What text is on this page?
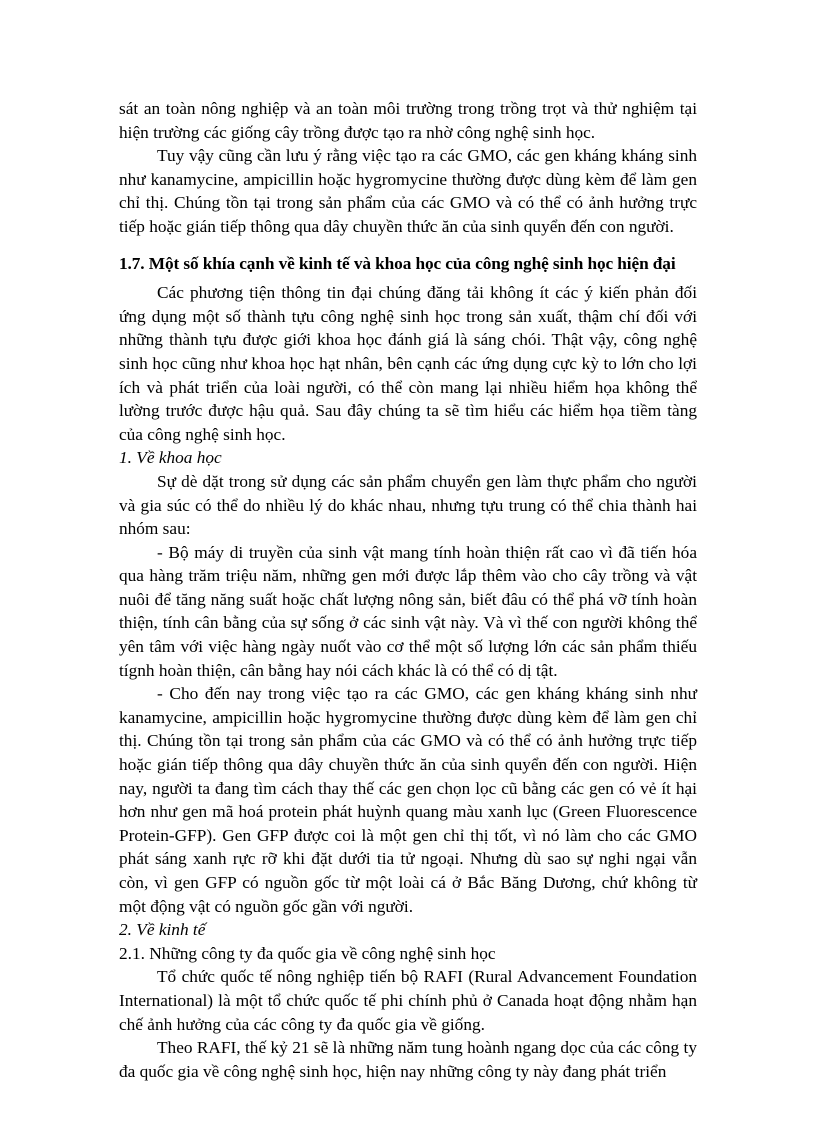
sát an toàn nông nghiệp và an toàn môi trường trong trồng trọt và thử nghiệm tại hiện trường các giống cây trồng được tạo ra nhờ công nghệ sinh học.

Tuy vậy cũng cần lưu ý rằng việc tạo ra các GMO, các gen kháng kháng sinh như kanamycine, ampicillin hoặc hygromycine thường được dùng kèm để làm gen chỉ thị. Chúng tồn tại trong sản phẩm của các GMO và có thể có ảnh hưởng trực tiếp hoặc gián tiếp thông qua dây chuyền thức ăn của sinh quyển đến con người.

1.7. Một số khía cạnh về kinh tế và khoa học của công nghệ sinh học hiện đại

Các phương tiện thông tin đại chúng đăng tải không ít các ý kiến phản đối ứng dụng một số thành tựu công nghệ sinh học trong sản xuất, thậm chí đối với những thành tựu được giới khoa học đánh giá là sáng chói. Thật vậy, công nghệ sinh học cũng như khoa học hạt nhân, bên cạnh các ứng dụng cực kỳ to lớn cho lợi ích và phát triển của loài người, có thể còn mang lại nhiều hiểm họa không thể lường trước được hậu quả. Sau đây chúng ta sẽ tìm hiểu các hiểm họa tiềm tàng của công nghệ sinh học.

1. Về khoa học

Sự dè dặt trong sử dụng các sản phẩm chuyển gen làm thực phẩm cho người và gia súc có thể do nhiều lý do khác nhau, nhưng tựu trung có thể chia thành hai nhóm sau:

- Bộ máy di truyền của sinh vật mang tính hoàn thiện rất cao vì đã tiến hóa qua hàng trăm triệu năm, những gen mới được lắp thêm vào cho cây trồng và vật nuôi để tăng năng suất hoặc chất lượng nông sản, biết đâu có thể phá vỡ tính hoàn thiện, tính cân bằng của sự sống ở các sinh vật này. Và vì thế con người không thể yên tâm với việc hàng ngày nuốt vào cơ thể một số lượng lớn các sản phẩm thiếu tígnh hoàn thiện, cân bằng hay nói cách khác là có thể có dị tật.

- Cho đến nay trong việc tạo ra các GMO, các gen kháng kháng sinh như kanamycine, ampicillin hoặc hygromycine thường được dùng kèm để làm gen chỉ thị. Chúng tồn tại trong sản phẩm của các GMO và có thể có ảnh hưởng trực tiếp hoặc gián tiếp thông qua dây chuyền thức ăn của sinh quyển đến con người. Hiện nay, người ta đang tìm cách thay thế các gen chọn lọc cũ bằng các gen có vẻ ít hại hơn như gen mã hoá protein phát huỳnh quang màu xanh lục (Green Fluorescence Protein-GFP). Gen GFP được coi là một gen chỉ thị tốt, vì nó làm cho các GMO phát sáng xanh rực rỡ khi đặt dưới tia tử ngoại. Nhưng dù sao sự nghi ngại vẫn còn, vì gen GFP có nguồn gốc từ một loài cá ở Bắc Băng Dương, chứ không từ một động vật có nguồn gốc gần với người.

2. Về kinh tế
2.1. Những công ty đa quốc gia về công nghệ sinh học

Tổ chức quốc tế nông nghiệp tiến bộ RAFI (Rural Advancement Foundation International) là một tổ chức quốc tế phi chính phủ ở Canada hoạt động nhằm hạn chế ảnh hưởng của các công ty đa quốc gia về giống.

Theo RAFI, thế kỷ 21 sẽ là những năm tung hoành ngang dọc của các công ty đa quốc gia về công nghệ sinh học, hiện nay những công ty này đang phát triển
